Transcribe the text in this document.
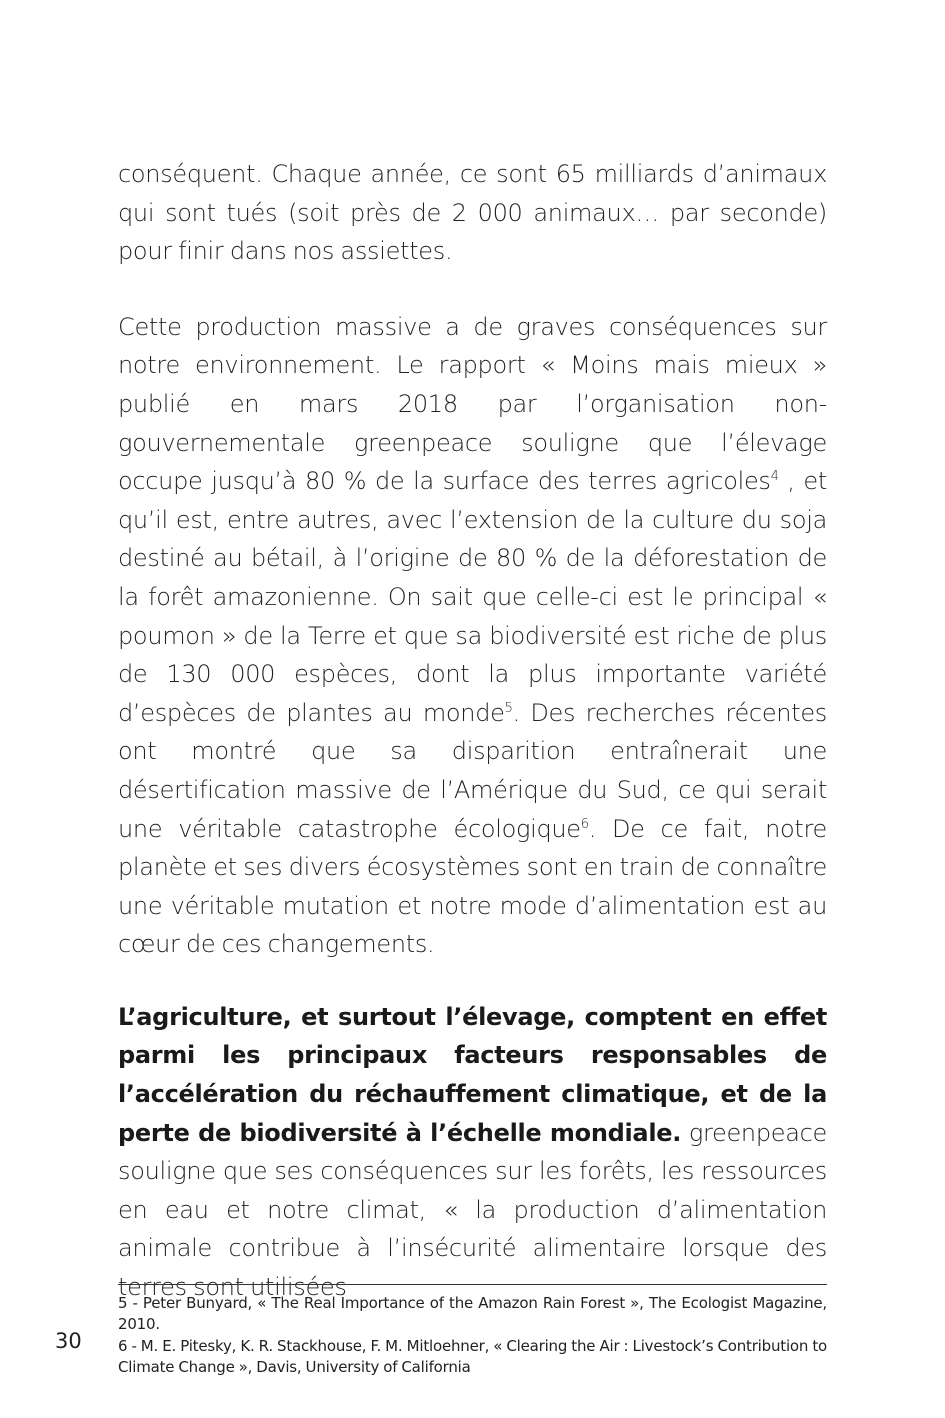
conséquent. Chaque année, ce sont 65 milliards d’animaux qui sont tués (soit près de 2 000 animaux… par seconde) pour finir dans nos assiettes.

Cette production massive a de graves conséquences sur notre environnement. Le rapport « Moins mais mieux » publié en mars 2018 par l’organisation non-gouvernementale greenpeace souligne que l’élevage occupe jusqu’à 80 % de la surface des terres agricoles$^4$ , et qu’il est, entre autres, avec l’extension de la culture du soja destiné au bétail, à l’origine de 80 % de la déforestation de la forêt amazonienne. On sait que celle-ci est le principal « poumon » de la Terre et que sa biodiversité est riche de plus de 130 000 espèces, dont la plus importante variété d’espèces de plantes au monde$^5$. Des recherches récentes ont montré que sa disparition entraînerait une désertification massive de l’Amérique du Sud, ce qui serait une véritable catastrophe écologique$^6$. De ce fait, notre planète et ses divers écosystèmes sont en train de connaître une véritable mutation et notre mode d’alimentation est au cœur de ces changements.

L’agriculture, et surtout l’élevage, comptent en effet parmi les principaux facteurs responsables de l’accélération du réchauffement climatique, et de la perte de biodiversité à l’échelle mondiale. greenpeace souligne que ses conséquences sur les forêts, les ressources en eau et notre climat, « la production d’alimentation animale contribue à l’insécurité alimentaire lorsque des terres sont utilisées

5 - Peter Bunyard, « The Real Importance of the Amazon Rain Forest », The Ecologist Magazine, 2010.

6 - M. E. Pitesky, K. R. Stackhouse, F. M. Mitloehner, « Clearing the Air : Livestock’s Contribution to Climate Change », Davis, University of California

30
